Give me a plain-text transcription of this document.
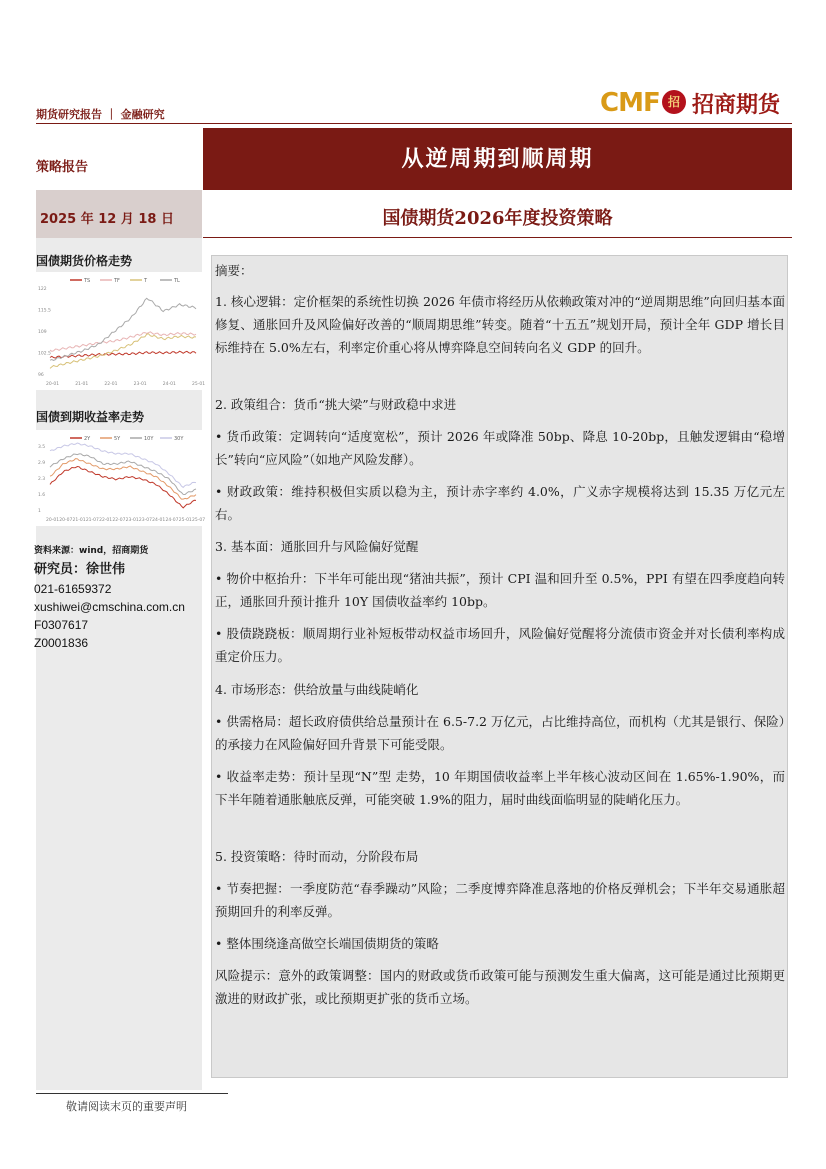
期货研究报告 ｜ 金融研究	CMF 招 招商期货
策略报告	从逆周期到顺周期
2025 年 12 月 18 日	国债期货2026年度投资策略
国债期货价格走势
TS	TF	T	TL
96
102.5
109
115.5
122
20-01	21-01	22-01	23-01	24-01	25-01
国债到期收益率走势
2Y	5Y	10Y	30Y
1
1.6
2.3
2.9
3.5
20-01 20-07 21-01 21-07 22-01 22-07 23-01 23-07 24-01 24-07 25-01 25-07
资料来源：wind，招商期货
研究员：徐世伟
021-61659372
xushiwei@cmschina.com.cn
F0307617
Z0001836
摘要：
1. 核心逻辑：定价框架的系统性切换 2026 年债市将经历从依赖政策对冲的“逆周期思维”向回归基本面修复、通胀回升及风险偏好改善的“顺周期思维”转变。随着“十五五”规划开局，预计全年 GDP 增长目标维持在 5.0%左右，利率定价重心将从博弈降息空间转向名义 GDP 的回升。
2. 政策组合：货币“挑大梁”与财政稳中求进
• 货币政策：定调转向“适度宽松”，预计 2026 年或降准 50bp、降息 10-20bp，且触发逻辑由“稳增长”转向“应风险”（如地产风险发酵）。
• 财政政策：维持积极但实质以稳为主，预计赤字率约 4.0%，广义赤字规模将达到 15.35 万亿元左右。
3. 基本面：通胀回升与风险偏好觉醒
• 物价中枢抬升：下半年可能出现“猪油共振”，预计 CPI 温和回升至 0.5%，PPI 有望在四季度趋向转正，通胀回升预计推升 10Y 国债收益率约 10bp。
• 股债跷跷板：顺周期行业补短板带动权益市场回升，风险偏好觉醒将分流债市资金并对长债利率构成重定价压力。
4. 市场形态：供给放量与曲线陡峭化
• 供需格局：超长政府债供给总量预计在 6.5-7.2 万亿元，占比维持高位，而机构（尤其是银行、保险）的承接力在风险偏好回升背景下可能受限。
• 收益率走势：预计呈现“N”型 走势，10 年期国债收益率上半年核心波动区间在 1.65%-1.90%，而下半年随着通胀触底反弹，可能突破 1.9%的阻力，届时曲线面临明显的陡峭化压力。
5. 投资策略：待时而动，分阶段布局
• 节奏把握：一季度防范“春季躁动”风险；二季度博弈降准息落地的价格反弹机会；下半年交易通胀超预期回升的利率反弹。
• 整体围绕逢高做空长端国债期货的策略
风险提示：意外的政策调整：国内的财政或货币政策可能与预测发生重大偏离，这可能是通过比预期更激进的财政扩张，或比预期更扩张的货币立场。
敬请阅读末页的重要声明
